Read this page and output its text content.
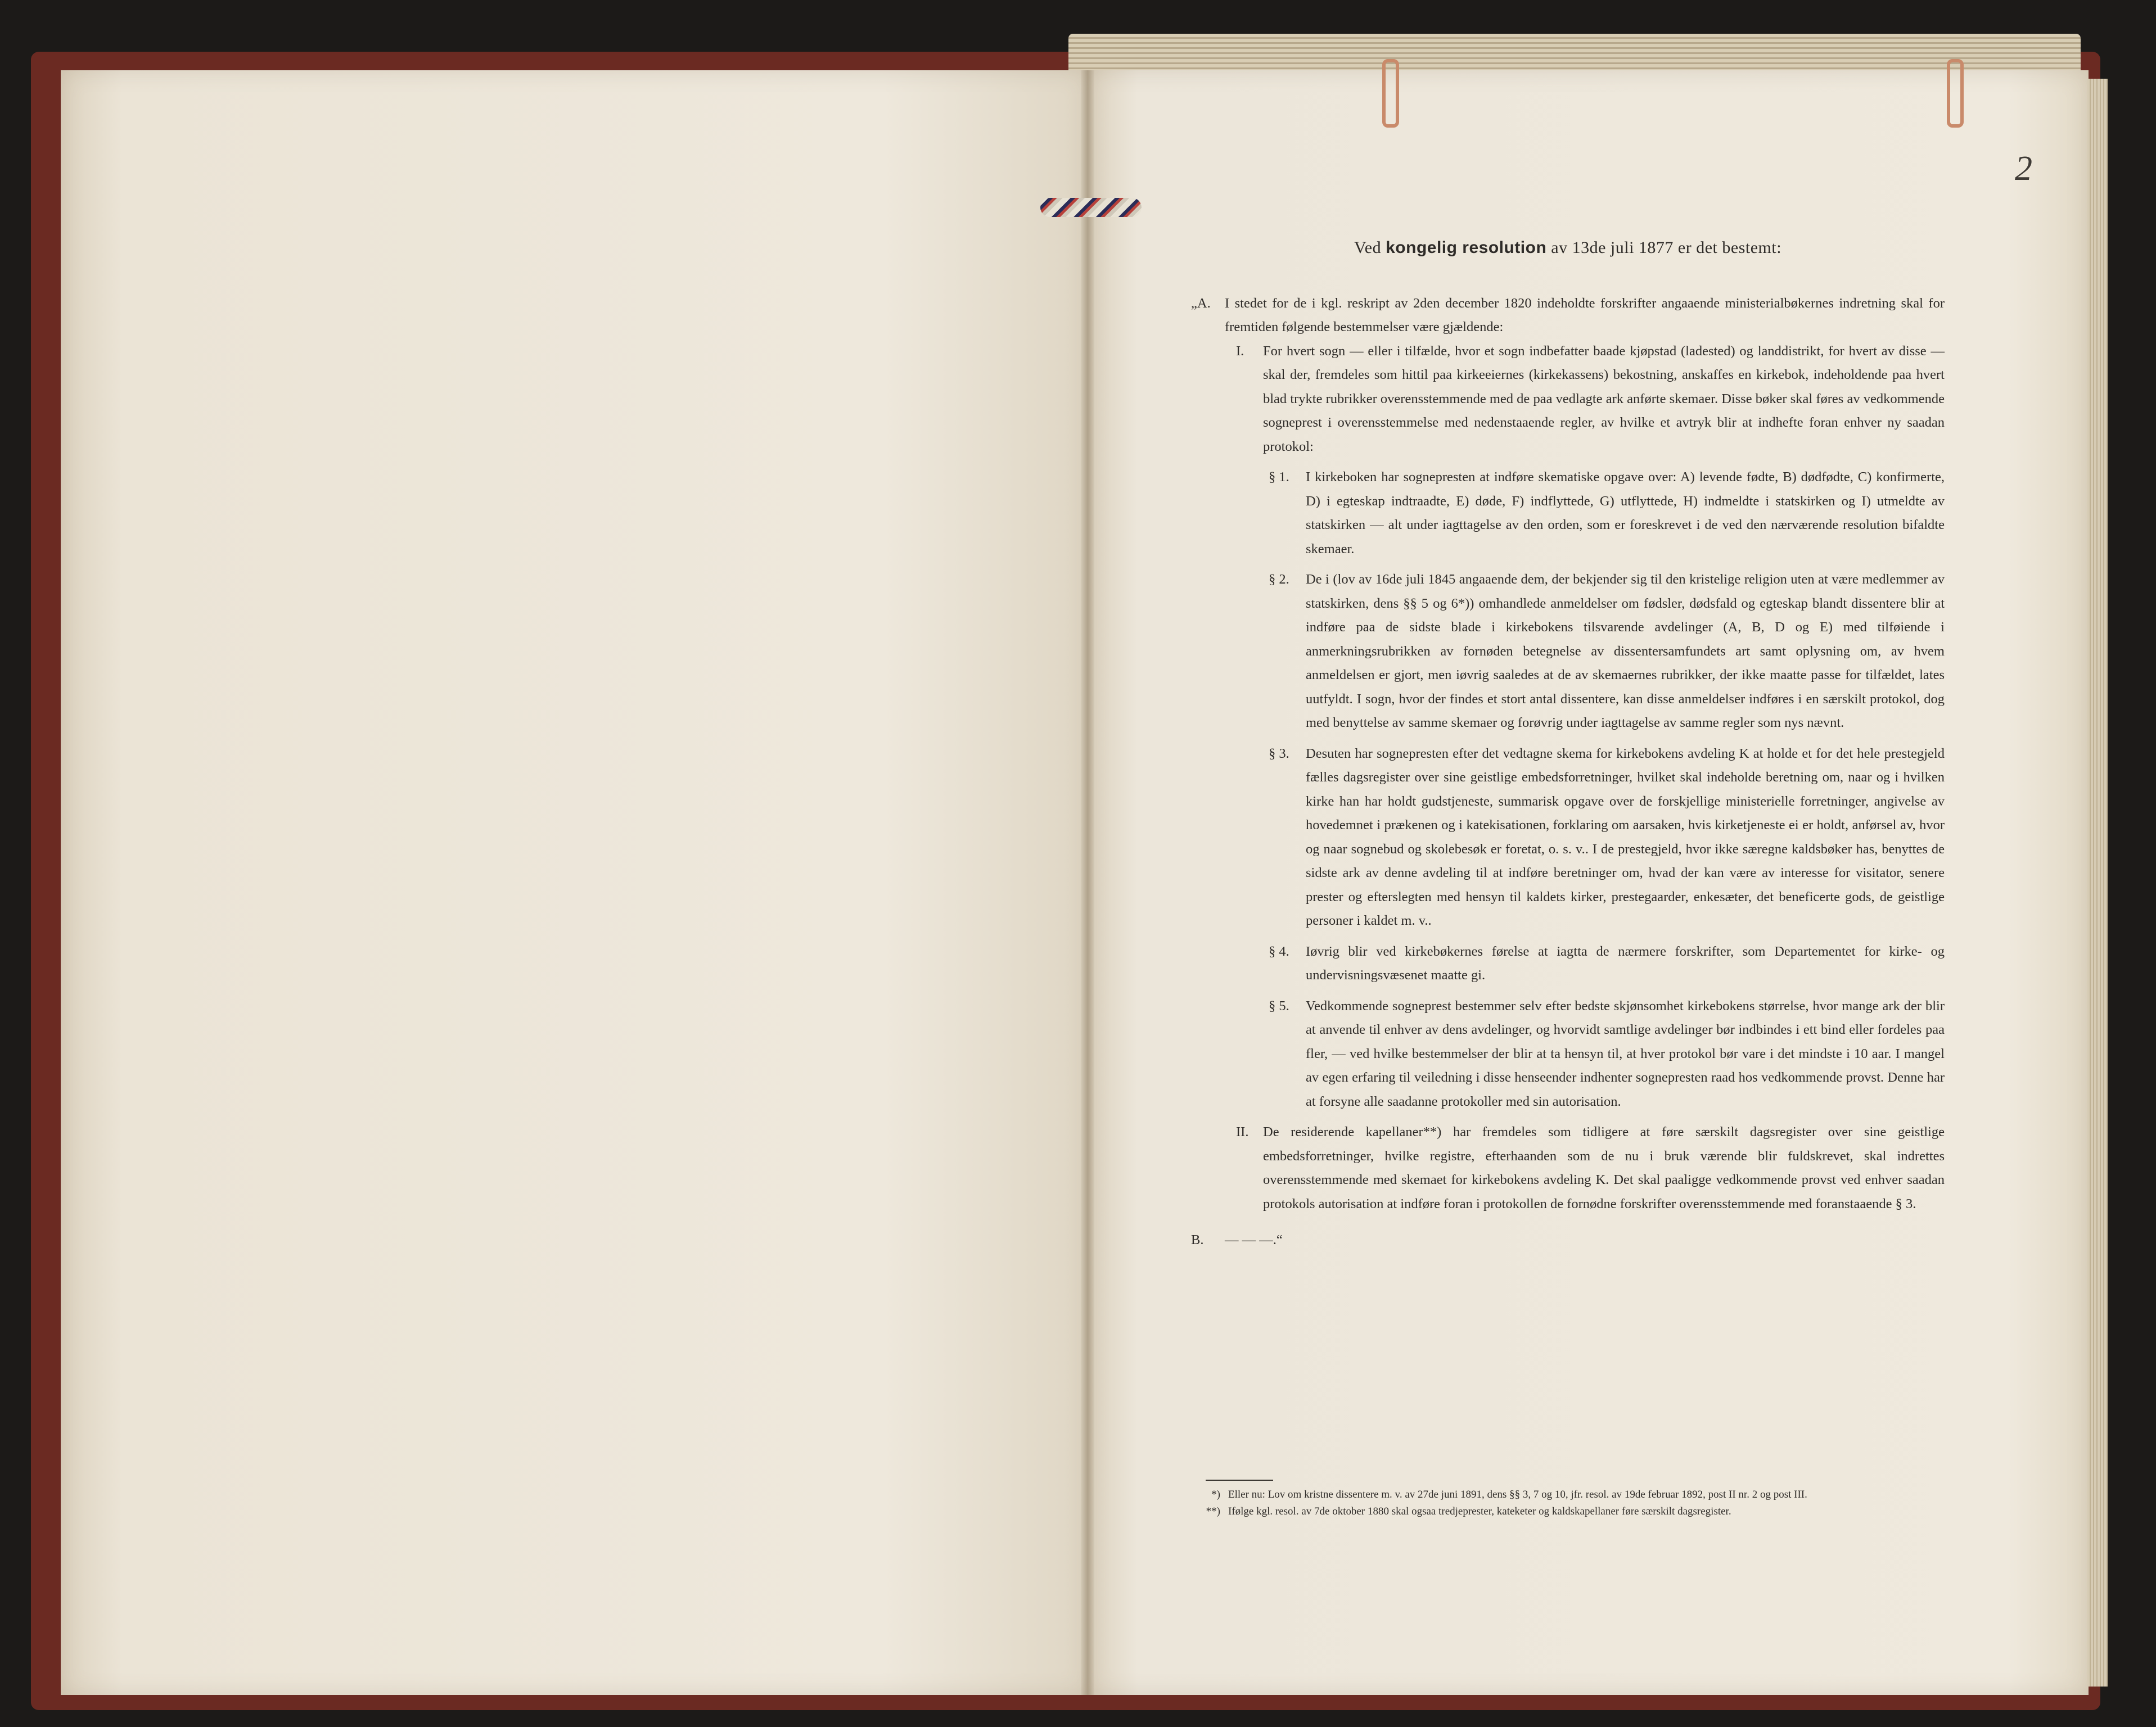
2

Ved kongelig resolution av 13de juli 1877 er det bestemt:

„A.	I stedet for de i kgl. reskript av 2den december 1820 indeholdte forskrifter angaaende ministerialbøkernes indretning skal for fremtiden følgende bestemmelser være gjældende:
I.	For hvert sogn — eller i tilfælde, hvor et sogn indbefatter baade kjøpstad (ladested) og landdistrikt, for hvert av disse — skal der, fremdeles som hittil paa kirkeeiernes (kirkekassens) bekostning, anskaffes en kirkebok, indeholdende paa hvert blad trykte rubrikker overensstemmende med de paa vedlagte ark anførte skemaer. Disse bøker skal føres av vedkommende sogneprest i overensstemmelse med nedenstaaende regler, av hvilke et avtryk blir at indhefte foran enhver ny saadan protokol:
§ 1.	I kirkeboken har sognepresten at indføre skematiske opgave over: A) levende fødte, B) dødfødte, C) konfirmerte, D) i egteskap indtraadte, E) døde, F) indflyttede, G) utflyttede, H) indmeldte i statskirken og I) utmeldte av statskirken — alt under iagttagelse av den orden, som er foreskrevet i de ved den nærværende resolution bifaldte skemaer.
§ 2.	De i (lov av 16de juli 1845 angaaende dem, der bekjender sig til den kristelige religion uten at være medlemmer av statskirken, dens §§ 5 og 6*)) omhandlede anmeldelser om fødsler, dødsfald og egteskap blandt dissentere blir at indføre paa de sidste blade i kirkebokens tilsvarende avdelinger (A, B, D og E) med tilføiende i anmerkningsrubrikken av fornøden betegnelse av dissentersamfundets art samt oplysning om, av hvem anmeldelsen er gjort, men iøvrig saaledes at de av skemaernes rubrikker, der ikke maatte passe for tilfældet, lates uutfyldt. I sogn, hvor der findes et stort antal dissentere, kan disse anmeldelser indføres i en særskilt protokol, dog med benyttelse av samme skemaer og forøvrig under iagttagelse av samme regler som nys nævnt.
§ 3.	Desuten har sognepresten efter det vedtagne skema for kirkebokens avdeling K at holde et for det hele prestegjeld fælles dagsregister over sine geistlige embedsforretninger, hvilket skal indeholde beretning om, naar og i hvilken kirke han har holdt gudstjeneste, summarisk opgave over de forskjellige ministerielle forretninger, angivelse av hovedemnet i prækenen og i katekisationen, forklaring om aarsaken, hvis kirketjeneste ei er holdt, anførsel av, hvor og naar sognebud og skolebesøk er foretat, o. s. v.. I de prestegjeld, hvor ikke særegne kaldsbøker has, benyttes de sidste ark av denne avdeling til at indføre beretninger om, hvad der kan være av interesse for visitator, senere prester og efterslegten med hensyn til kaldets kirker, prestegaarder, enkesæter, det beneficerte gods, de geistlige personer i kaldet m. v..
§ 4.	Iøvrig blir ved kirkebøkernes førelse at iagtta de nærmere forskrifter, som Departementet for kirke- og undervisningsvæsenet maatte gi.
§ 5.	Vedkommende sogneprest bestemmer selv efter bedste skjønsomhet kirkebokens størrelse, hvor mange ark der blir at anvende til enhver av dens avdelinger, og hvorvidt samtlige avdelinger bør indbindes i ett bind eller fordeles paa fler, — ved hvilke bestemmelser der blir at ta hensyn til, at hver protokol bør vare i det mindste i 10 aar. I mangel av egen erfaring til veiledning i disse henseender indhenter sognepresten raad hos vedkommende provst. Denne har at forsyne alle saadanne protokoller med sin autorisation.
II.	De residerende kapellaner**) har fremdeles som tidligere at føre særskilt dagsregister over sine geistlige embedsforretninger, hvilke registre, efterhaanden som de nu i bruk værende blir fuldskrevet, skal indrettes overensstemmende med skemaet for kirkebokens avdeling K. Det skal paaligge vedkommende provst ved enhver saadan protokols autorisation at indføre foran i protokollen de fornødne forskrifter overensstemmende med foranstaaende § 3.
B.	— — —.“
*) Eller nu: Lov om kristne dissentere m. v. av 27de juni 1891, dens §§ 3, 7 og 10, jfr. resol. av 19de februar 1892, post II nr. 2 og post III.
**) Ifølge kgl. resol. av 7de oktober 1880 skal ogsaa tredjeprester, kateketer og kaldskapellaner føre særskilt dagsregister.
